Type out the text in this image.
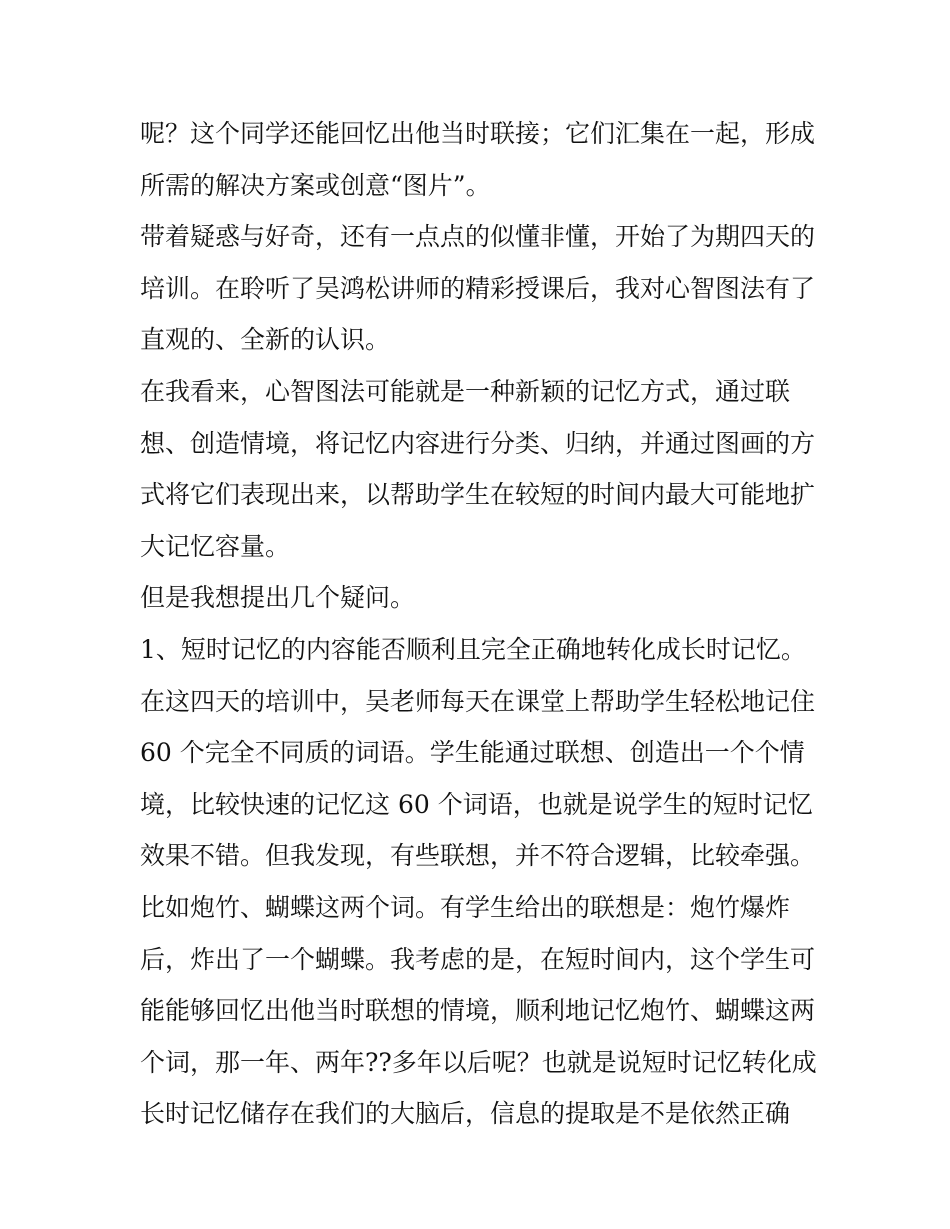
呢？这个同学还能回忆出他当时联接；它们汇集在一起，形成

所需的解决方案或创意“图片”。

带着疑惑与好奇，还有一点点的似懂非懂，开始了为期四天的

培训。在聆听了吴鸿松讲师的精彩授课后，我对心智图法有了

直观的、全新的认识。

在我看来，心智图法可能就是一种新颖的记忆方式，通过联

想、创造情境，将记忆内容进行分类、归纳，并通过图画的方

式将它们表现出来，以帮助学生在较短的时间内最大可能地扩

大记忆容量。

但是我想提出几个疑问。

1、短时记忆的内容能否顺利且完全正确地转化成长时记忆。

在这四天的培训中，吴老师每天在课堂上帮助学生轻松地记住

60 个完全不同质的词语。学生能通过联想、创造出一个个情

境，比较快速的记忆这 60 个词语，也就是说学生的短时记忆

效果不错。但我发现，有些联想，并不符合逻辑，比较牵强。

比如炮竹、蝴蝶这两个词。有学生给出的联想是：炮竹爆炸

后，炸出了一个蝴蝶。我考虑的是，在短时间内，这个学生可

能能够回忆出他当时联想的情境，顺利地记忆炮竹、蝴蝶这两

个词，那一年、两年??多年以后呢？也就是说短时记忆转化成

长时记忆储存在我们的大脑后，信息的提取是不是依然正确
